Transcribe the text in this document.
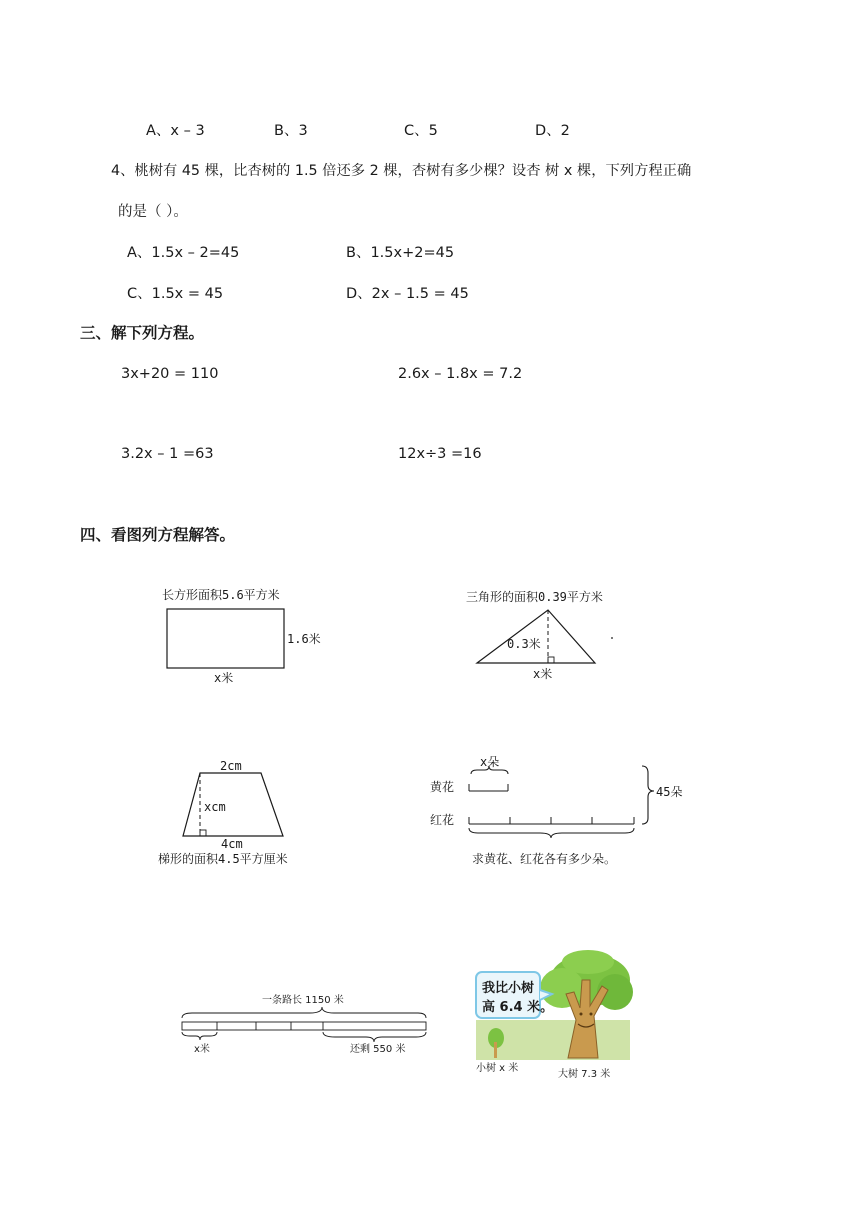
A、x – 3	B、3	C、5	D、2
4、桃树有 45 棵，比杏树的 1.5 倍还多 2 棵，杏树有多少棵？设杏 树 x 棵，下列方程正确
的是（ ）。
A、1.5x – 2=45	B、1.5x+2=45
C、1.5x = 45	D、2x – 1.5 = 45
三、解下列方程。
3x+20 = 110	2.6x – 1.8x = 7.2
3.2x – 1 =63	12x÷3 =16
四、看图列方程解答。
长方形面积5.6平方米
1.6米
x米
三角形的面积0.39平方米
0.3米
x米
2cm
xcm
4cm
梯形的面积4.5平方厘米
x朵
黄花
红花
45朵
求黄花、红花各有多少朵。
一条路长 1150 米
x米	还剩 550 米
我比小树
高 6.4 米。
小树 x 米
大树 7.3 米
